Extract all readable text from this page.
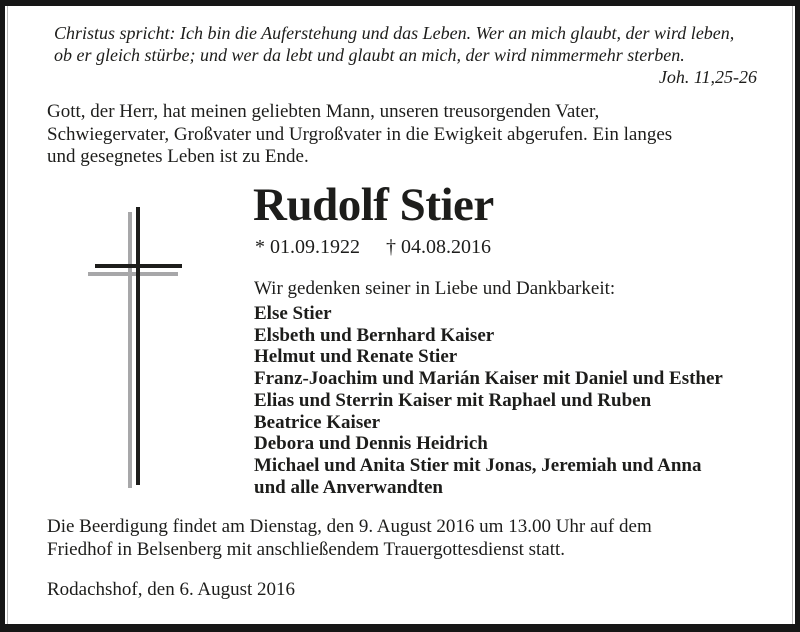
Christus spricht: Ich bin die Auferstehung und das Leben. Wer an mich glaubt, der wird leben,
ob er gleich stürbe; und wer da lebt und glaubt an mich, der wird nimmermehr sterben.
Joh. 11,25-26
Gott, der Herr, hat meinen geliebten Mann, unseren treusorgenden Vater,
Schwiegervater, Großvater und Urgroßvater in die Ewigkeit abgerufen. Ein langes
und gesegnetes Leben ist zu Ende.
Rudolf Stier
* 01.09.1922 † 04.08.2016
Wir gedenken seiner in Liebe und Dankbarkeit:
Else Stier
Elsbeth und Bernhard Kaiser
Helmut und Renate Stier
Franz-Joachim und Marián Kaiser mit Daniel und Esther
Elias und Sterrin Kaiser mit Raphael und Ruben
Beatrice Kaiser
Debora und Dennis Heidrich
Michael und Anita Stier mit Jonas, Jeremiah und Anna
und alle Anverwandten
Die Beerdigung findet am Dienstag, den 9. August 2016 um 13.00 Uhr auf dem
Friedhof in Belsenberg mit anschließendem Trauergottesdienst statt.
Rodachshof, den 6. August 2016
